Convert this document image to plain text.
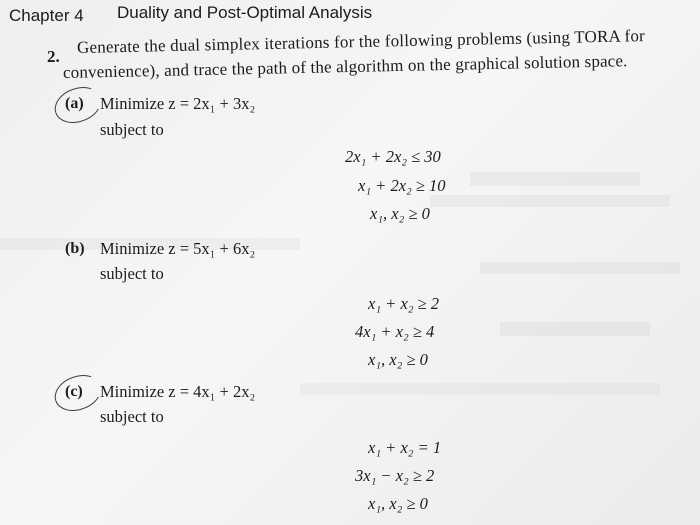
Chapter 4 Duality and Post-Optimal Analysis
2. Generate the dual simplex iterations for the following problems (using TORA for
convenience), and trace the path of the algorithm on the graphical solution space.
(a) Minimize z = 2x₁ + 3x₂
subject to
2x₁ + 2x₂ ≤ 30
x₁ + 2x₂ ≥ 10
x₁, x₂ ≥ 0
(b) Minimize z = 5x₁ + 6x₂
subject to
x₁ + x₂ ≥ 2
4x₁ + x₂ ≥ 4
x₁, x₂ ≥ 0
(c) Minimize z = 4x₁ + 2x₂
subject to
x₁ + x₂ = 1
3x₁ − x₂ ≥ 2
x₁, x₂ ≥ 0
